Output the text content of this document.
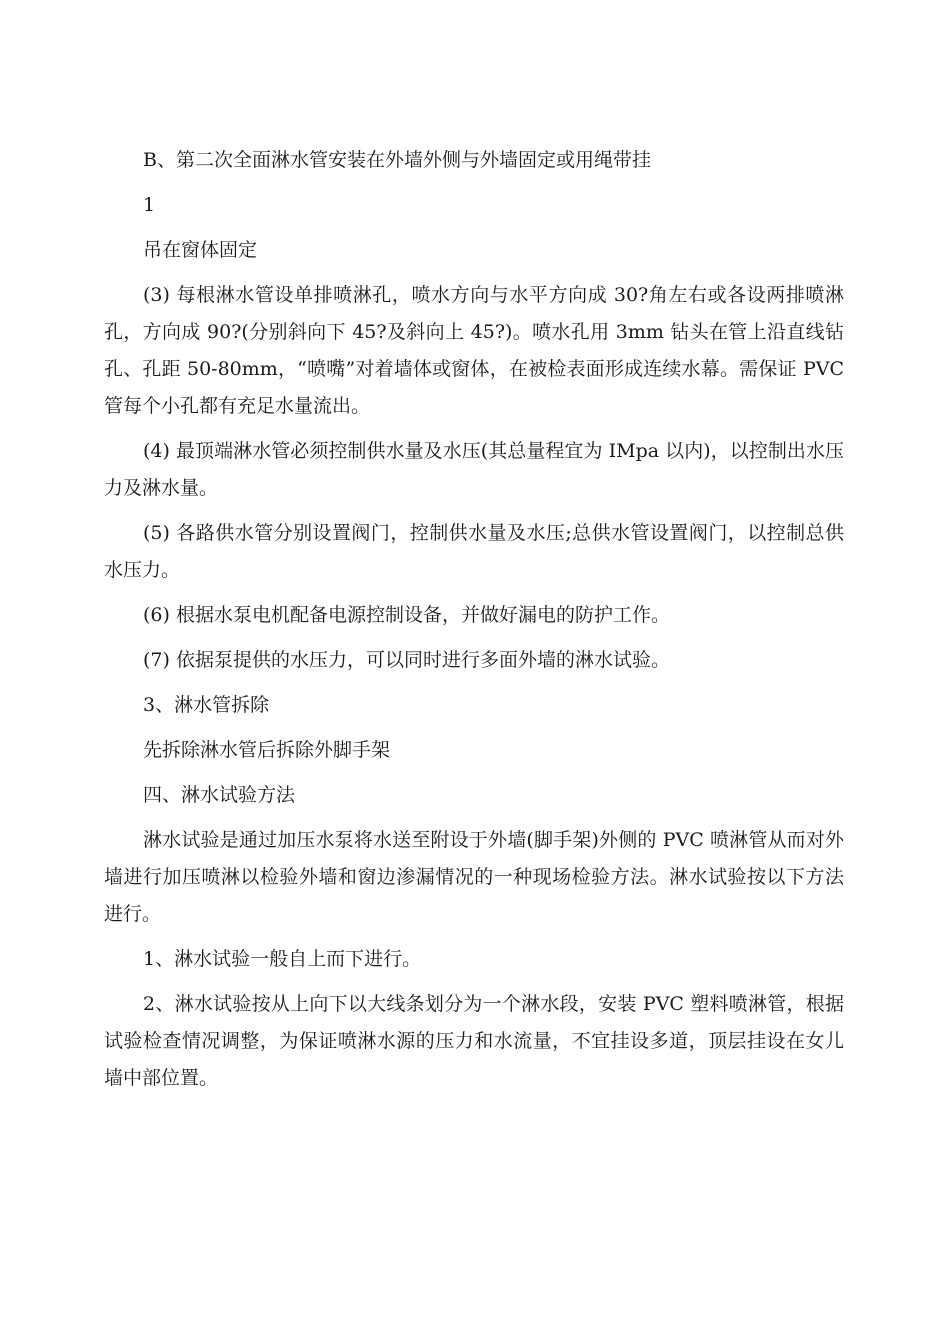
B、第二次全面淋水管安装在外墙外侧与外墙固定或用绳带挂

1

吊在窗体固定

(3) 每根淋水管设单排喷淋孔，喷水方向与水平方向成 30?角左右或各设两排喷淋孔，方向成 90?(分别斜向下 45?及斜向上 45?)。喷水孔用 3mm 钻头在管上沿直线钻孔、孔距 50-80mm，“喷嘴”对着墙体或窗体，在被检表面形成连续水幕。需保证 PVC 管每个小孔都有充足水量流出。

(4) 最顶端淋水管必须控制供水量及水压(其总量程宜为 IMpa 以内)，以控制出水压力及淋水量。

(5) 各路供水管分别设置阀门，控制供水量及水压;总供水管设置阀门，以控制总供水压力。

(6) 根据水泵电机配备电源控制设备，并做好漏电的防护工作。

(7) 依据泵提供的水压力，可以同时进行多面外墙的淋水试验。

3、淋水管拆除

先拆除淋水管后拆除外脚手架

四、淋水试验方法

淋水试验是通过加压水泵将水送至附设于外墙(脚手架)外侧的 PVC 喷淋管从而对外墙进行加压喷淋以检验外墙和窗边渗漏情况的一种现场检验方法。淋水试验按以下方法进行。

1、淋水试验一般自上而下进行。

2、淋水试验按从上向下以大线条划分为一个淋水段，安装 PVC 塑料喷淋管，根据试验检查情况调整，为保证喷淋水源的压力和水流量，不宜挂设多道，顶层挂设在女儿墙中部位置。
